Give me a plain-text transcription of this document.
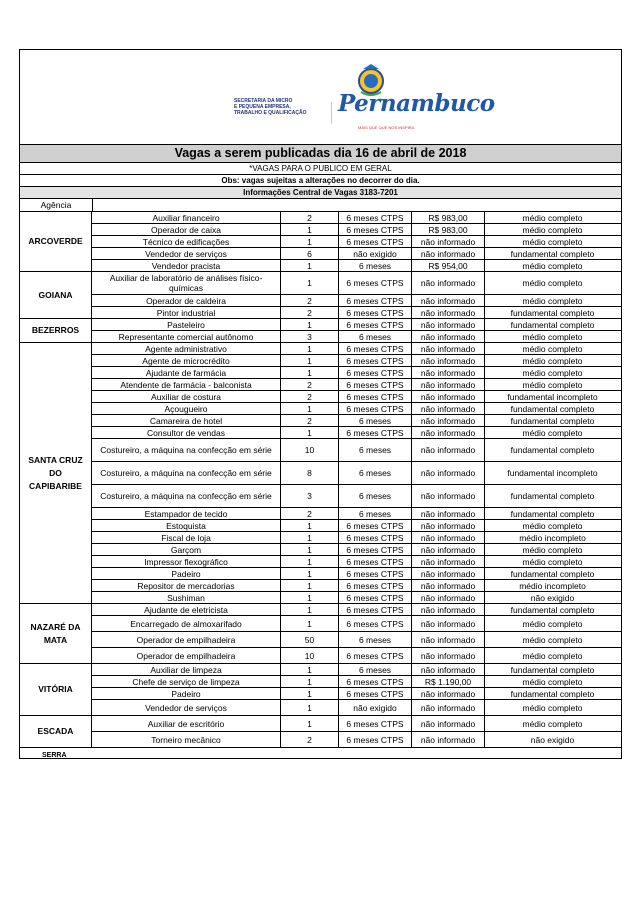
SECRETARIA DA MICRO
E PEQUENA EMPRESA,
TRABALHO E QUALIFICAÇÃO	Pernambuco
MAIS QUE QUE NOS INSPIRA
Vagas a serem publicadas dia 16 de abril de 2018
*VAGAS PARA O PUBLICO EM GERAL
Obs: vagas sujeitas a alterações no decorrer do dia.
Informações Central de Vagas 3183-7201
Agência
ARCOVERDE
Auxiliar financeiro	2	6 meses CTPS	R$ 983,00	médio completo
Operador de caixa	1	6 meses CTPS	R$ 983,00	médio completo
Técnico de edificações	1	6 meses CTPS	não informado	médio completo
Vendedor de serviços	6	não exigido	não informado	fundamental completo
Vendedor pracista	1	6 meses	R$ 954,00	médio completo
GOIANA
Auxiliar de laboratório de análises físico-químicas	1	6 meses CTPS	não informado	médio completo
Operador de caldeira	2	6 meses CTPS	não informado	médio completo
Pintor industrial	2	6 meses CTPS	não informado	fundamental completo
BEZERROS
Pasteleiro	1	6 meses CTPS	não informado	fundamental completo
Representante comercial autônomo	3	6 meses	não informado	médio completo
SANTA CRUZ DO CAPIBARIBE
Agente administrativo	1	6 meses CTPS	não informado	médio completo
Agente de microcrédito	1	6 meses CTPS	não informado	médio completo
Ajudante de farmácia	1	6 meses CTPS	não informado	médio completo
Atendente de farmácia - balconista	2	6 meses CTPS	não informado	médio completo
Auxiliar de costura	2	6 meses CTPS	não informado	fundamental incompleto
Açougueiro	1	6 meses CTPS	não informado	fundamental completo
Camareira de hotel	2	6 meses	não informado	fundamental completo
Consultor de vendas	1	6 meses CTPS	não informado	médio completo
Costureiro, a máquina na confecção em série	10	6 meses	não informado	fundamental completo
Costureiro, a máquina na confecção em série	8	6 meses	não informado	fundamental incompleto
Costureiro, a máquina na confecção em série	3	6 meses	não informado	fundamental completo
Estampador de tecido	2	6 meses	não informado	fundamental completo
Estoquista	1	6 meses CTPS	não informado	médio completo
Fiscal de loja	1	6 meses CTPS	não informado	médio incompleto
Garçom	1	6 meses CTPS	não informado	médio completo
Impressor flexográfico	1	6 meses CTPS	não informado	médio completo
Padeiro	1	6 meses CTPS	não informado	fundamental completo
Repositor de mercadorias	1	6 meses CTPS	não informado	médio incompleto
Sushiman	1	6 meses CTPS	não informado	não exigido
NAZARÉ DA MATA
Ajudante de eletricista	1	6 meses CTPS	não informado	fundamental completo
Encarregado de almoxarifado	1	6 meses CTPS	não informado	médio completo
Operador de empilhadeira	50	6 meses	não informado	médio completo
Operador de empilhadeira	10	6 meses CTPS	não informado	médio completo
VITÓRIA
Auxiliar de limpeza	1	6 meses	não informado	fundamental completo
Chefe de serviço de limpeza	1	6 meses CTPS	R$ 1.190,00	médio completo
Padeiro	1	6 meses CTPS	não informado	fundamental completo
Vendedor de serviços	1	não exigido	não informado	médio completo
ESCADA
Auxiliar de escritório	1	6 meses CTPS	não informado	médio completo
Torneiro mecânico	2	6 meses CTPS	não informado	não exigido
SERRA
